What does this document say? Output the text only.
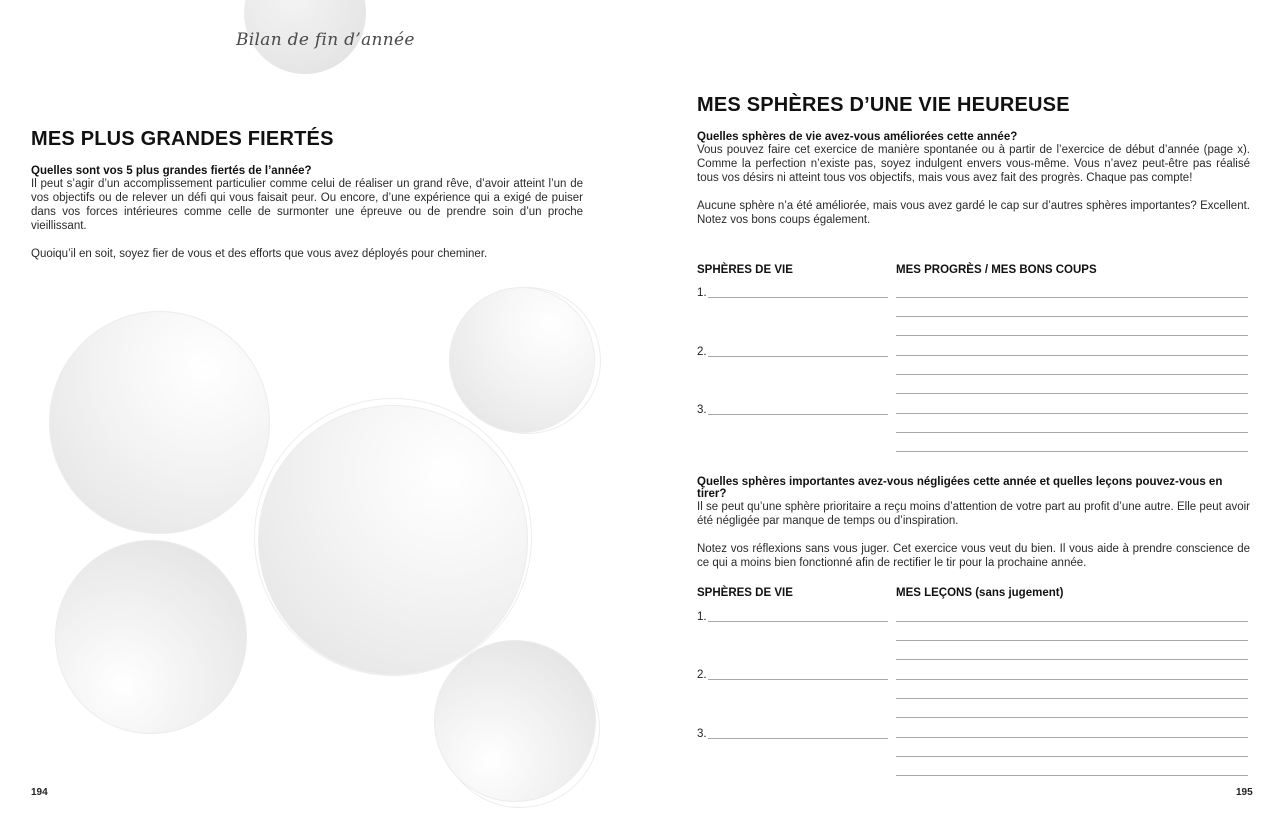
Bilan de fin d’année
MES PLUS GRANDES FIERTÉS
Quelles sont vos 5 plus grandes fiertés de l’année?
Il peut s’agir d’un accomplissement particulier comme celui de réaliser un grand rêve, d’avoir atteint l’un de vos objectifs ou de relever un défi qui vous faisait peur. Ou encore, d’une expérience qui a exigé de puiser dans vos forces intérieures comme celle de surmonter une épreuve ou de prendre soin d’un proche vieillissant.
Quoiqu’il en soit, soyez fier de vous et des efforts que vous avez déployés pour cheminer.
194
MES SPHÈRES D’UNE VIE HEUREUSE
Quelles sphères de vie avez-vous améliorées cette année?
Vous pouvez faire cet exercice de manière spontanée ou à partir de l’exercice de début d’année (page x). Comme la perfection n’existe pas, soyez indulgent envers vous-même. Vous n’avez peut-être pas réalisé tous vos désirs ni atteint tous vos objectifs, mais vous avez fait des progrès. Chaque pas compte!
Aucune sphère n’a été améliorée, mais vous avez gardé le cap sur d’autres sphères importantes? Excellent. Notez vos bons coups également.
SPHÈRES DE VIE	MES PROGRÈS / MES BONS COUPS
1.
2.
3.
Quelles sphères importantes avez-vous négligées cette année et quelles leçons pouvez-vous en tirer?
Il se peut qu’une sphère prioritaire a reçu moins d’attention de votre part au profit d’une autre. Elle peut avoir été négligée par manque de temps ou d’inspiration.
Notez vos réflexions sans vous juger. Cet exercice vous veut du bien. Il vous aide à prendre conscience de ce qui a moins bien fonctionné afin de rectifier le tir pour la prochaine année.
SPHÈRES DE VIE	MES LEÇONS (sans jugement)
1.
2.
3.
195
